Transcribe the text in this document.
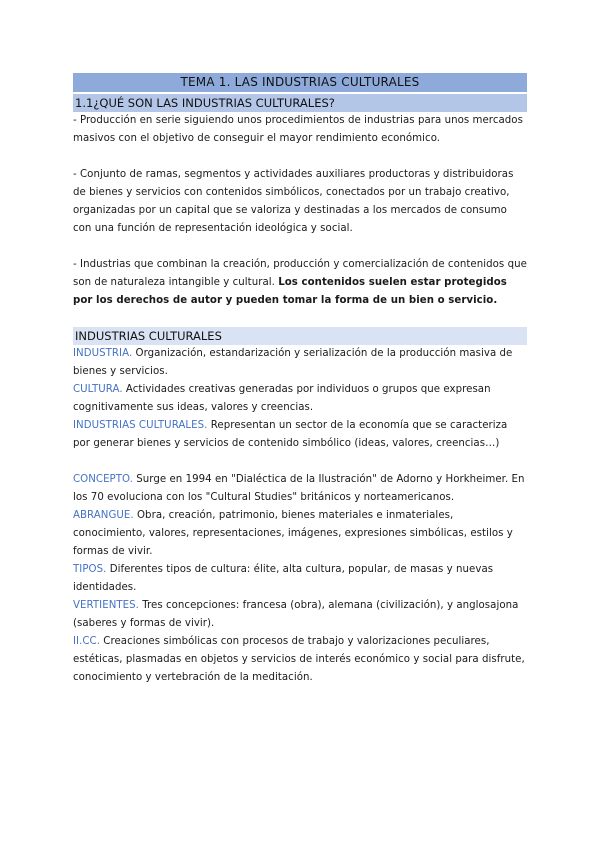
TEMA 1. LAS INDUSTRIAS CULTURALES
1.1¿QUÉ SON LAS INDUSTRIAS CULTURALES?

- Producción en serie siguiendo unos procedimientos de industrias para unos mercados masivos con el objetivo de conseguir el mayor rendimiento económico.

- Conjunto de ramas, segmentos y actividades auxiliares productoras y distribuidoras de bienes y servicios con contenidos simbólicos, conectados por un trabajo creativo, organizadas por un capital que se valoriza y destinadas a los mercados de consumo con una función de representación ideológica y social.

- Industrias que combinan la creación, producción y comercialización de contenidos que son de naturaleza intangible y cultural. Los contenidos suelen estar protegidos por los derechos de autor y pueden tomar la forma de un bien o servicio.

INDUSTRIAS CULTURALES

INDUSTRIA. Organización, estandarización y serialización de la producción masiva de bienes y servicios.

CULTURA. Actividades creativas generadas por individuos o grupos que expresan cognitivamente sus ideas, valores y creencias.

INDUSTRIAS CULTURALES. Representan un sector de la economía que se caracteriza por generar bienes y servicios de contenido simbólico (ideas, valores, creencias…)

CONCEPTO. Surge en 1994 en "Dialéctica de la Ilustración" de Adorno y Horkheimer. En los 70 evoluciona con los "Cultural Studies" británicos y norteamericanos.

ABRANGUE. Obra, creación, patrimonio, bienes materiales e inmateriales, conocimiento, valores, representaciones, imágenes, expresiones simbólicas, estilos y formas de vivir.

TIPOS. Diferentes tipos de cultura: élite, alta cultura, popular, de masas y nuevas identidades.

VERTIENTES. Tres concepciones: francesa (obra), alemana (civilización), y anglosajona (saberes y formas de vivir).

II.CC. Creaciones simbólicas con procesos de trabajo y valorizaciones peculiares, estéticas, plasmadas en objetos y servicios de interés económico y social para disfrute, conocimiento y vertebración de la meditación.
